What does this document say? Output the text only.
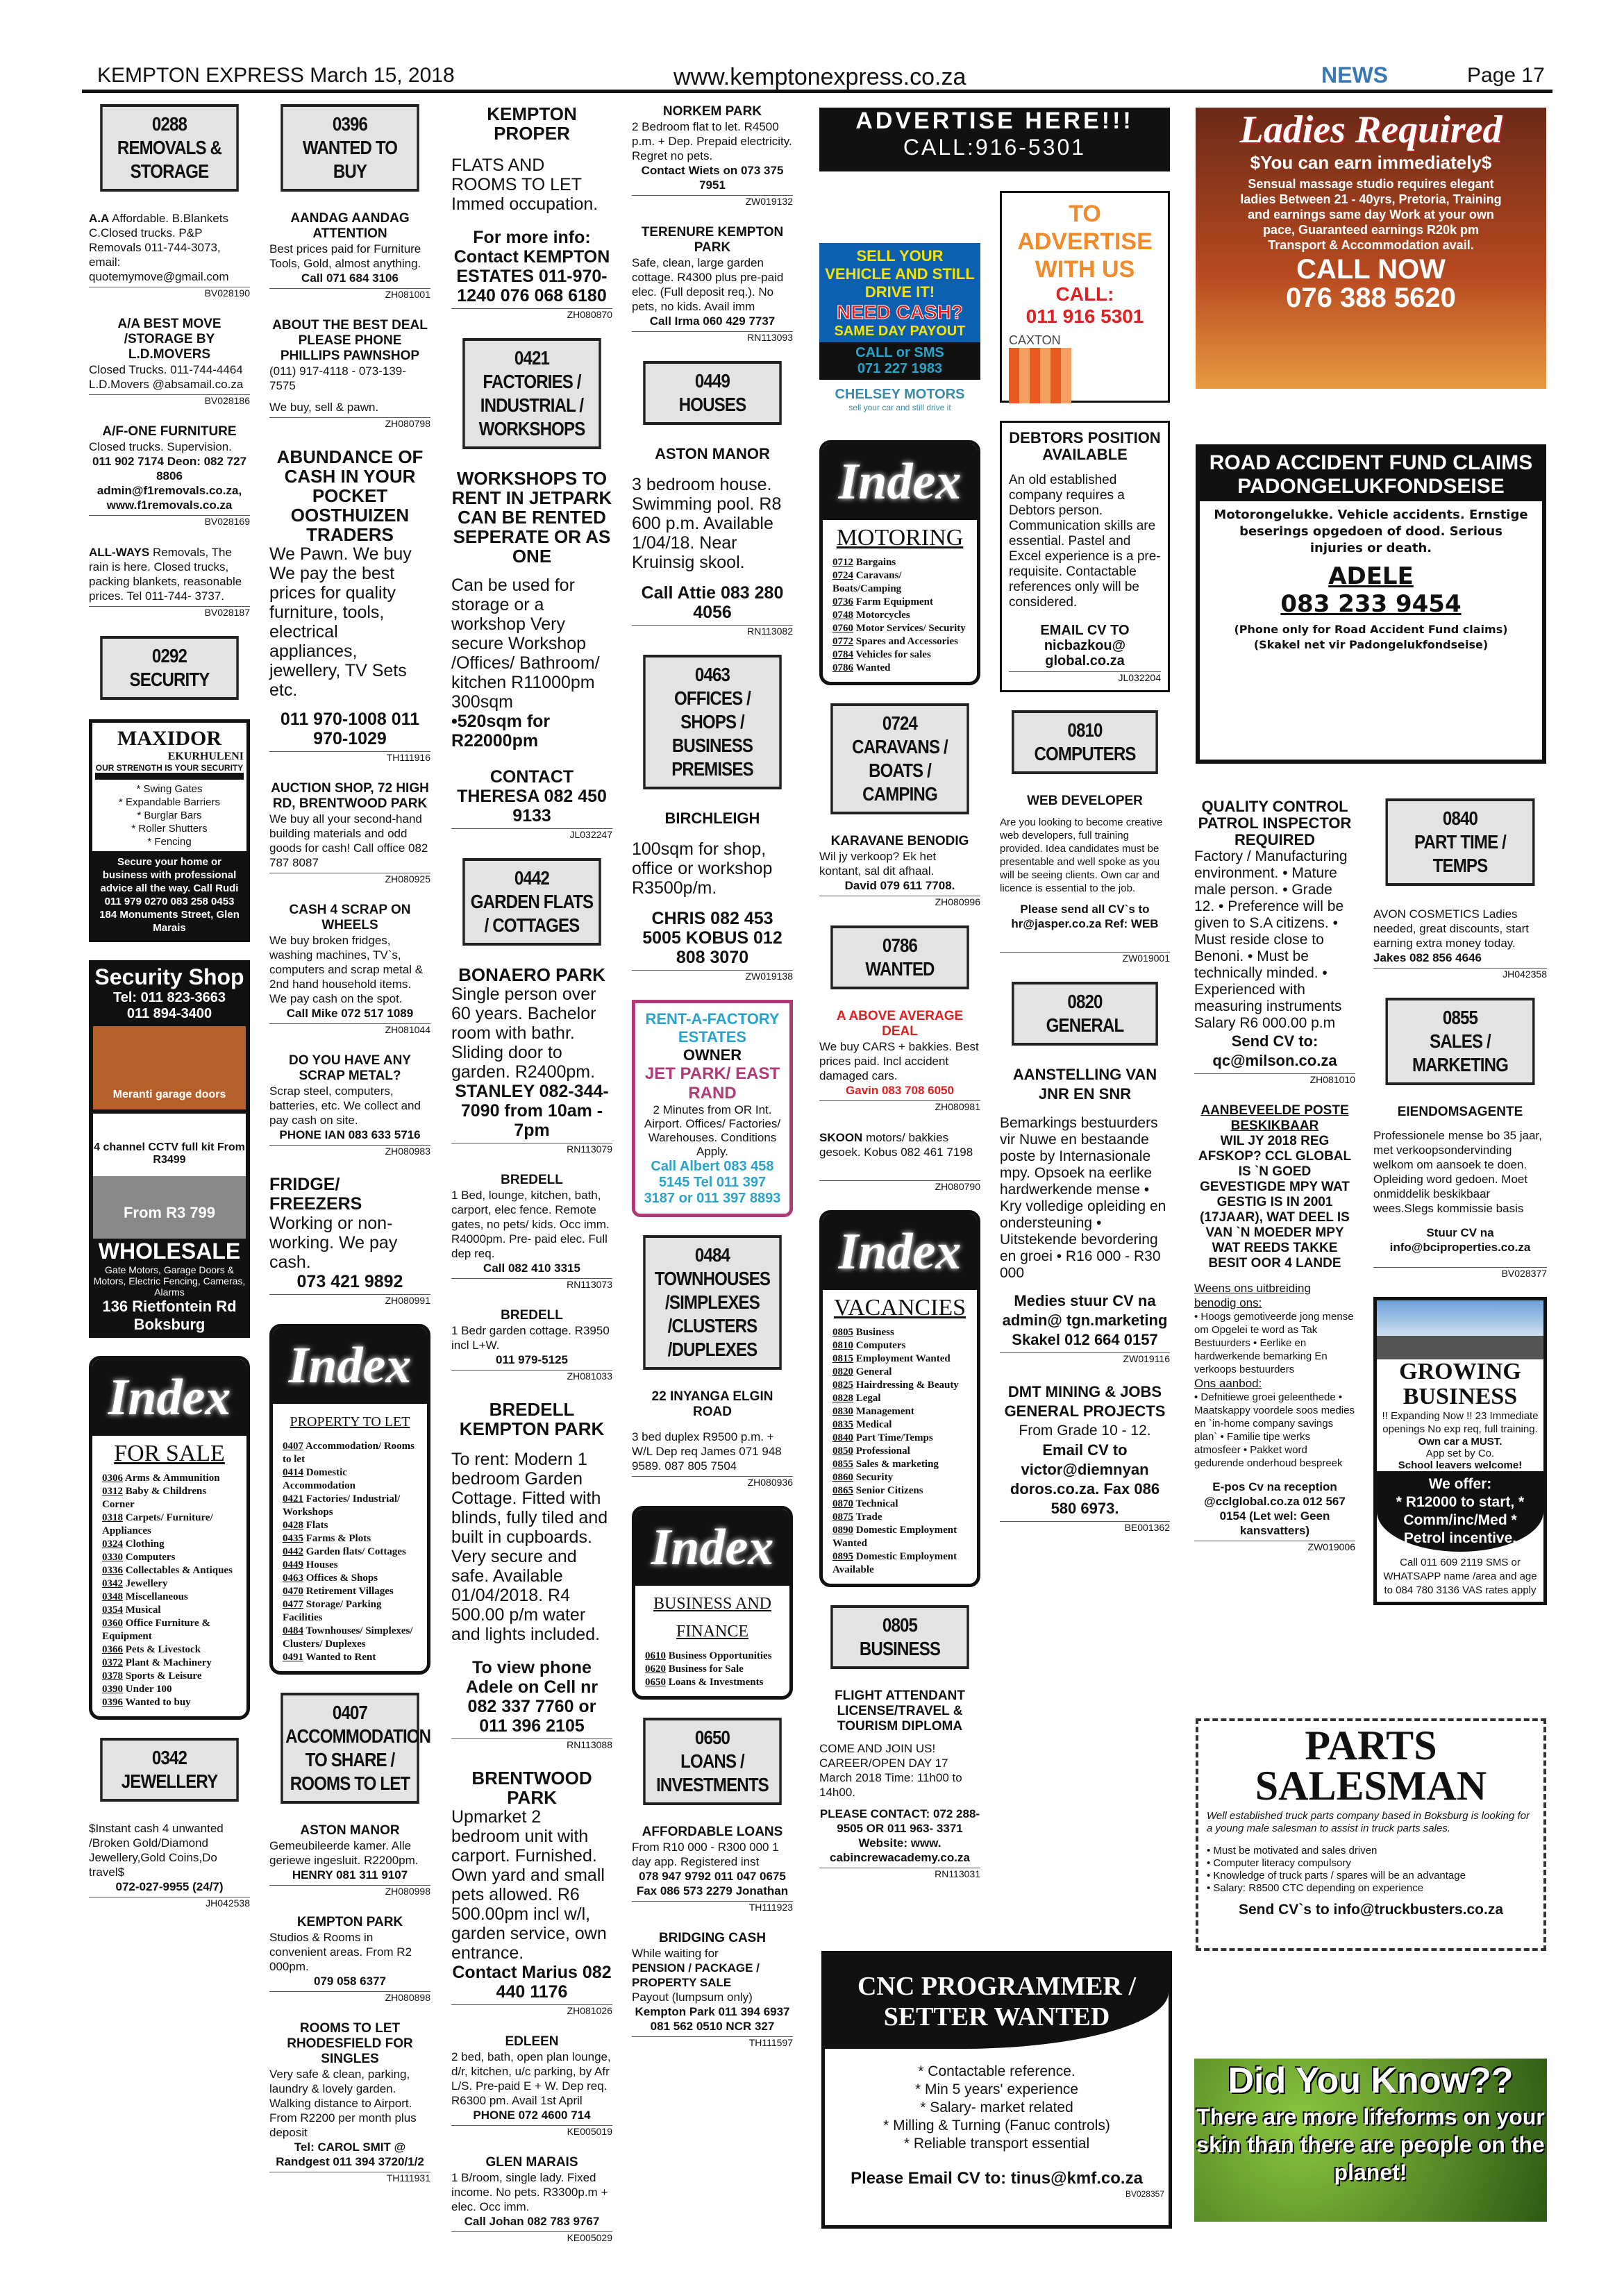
KEMPTON EXPRESS March 15, 2018	www.kemptonexpress.co.za	NEWS	Page 17
0288
REMOVALS & STORAGE
A.A Affordable. B.Blankets C.Closed trucks. P&P Removals 011-744-3073, email: quotemymove@gmail.com
BV028190
A/A BEST MOVE /STORAGE BY L.D.MOVERS
Closed Trucks. 011-744-4464 L.D.Movers @absamail.co.za
BV028186
A/F-ONE FURNITURE
Closed trucks. Supervision.
011 902 7174 Deon: 082 727 8806 admin@f1removals.co.za, www.f1removals.co.za
BV028169
ALL-WAYS Removals, The rain is here. Closed trucks, packing blankets, reasonable prices. Tel 011-744- 3737.
BV028187
0292
SECURITY
MAXIDOR
EKURHULENI
OUR STRENGTH IS YOUR SECURITY
* Swing Gates
* Expandable Barriers
* Burglar Bars
* Roller Shutters
* Fencing
Secure your home or business with professional advice all the way. Call Rudi 011 979 0270 083 258 0453 184 Monuments Street, Glen Marais
Security Shop
Tel: 011 823-3663
011 894-3400
Meranti garage doors
4 channel CCTV full kit From R3499
From R3 799
WHOLESALE
Gate Motors, Garage Doors & Motors, Electric Fencing, Cameras, Alarms
136 Rietfontein Rd Boksburg
Index
FOR SALE
0306 Arms & Ammunition
0312 Baby & Childrens Corner
0318 Carpets/ Furniture/ Appliances
0324 Clothing
0330 Computers
0336 Collectables & Antiques
0342 Jewellery
0348 Miscellaneous
0354 Musical
0360 Office Furniture & Equipment
0366 Pets & Livestock
0372 Plant & Machinery
0378 Sports & Leisure
0390 Under 100
0396 Wanted to buy
0342
JEWELLERY
$Instant cash 4 unwanted /Broken Gold/Diamond Jewellery,Gold Coins,Do travel$
072-027-9955 (24/7)
JH042538
0396
WANTED TO BUY
AANDAG AANDAG ATTENTION
Best prices paid for Furniture Tools, Gold, almost anything.
Call 071 684 3106
ZH081001
ABOUT THE BEST DEAL PLEASE PHONE PHILLIPS PAWNSHOP
(011) 917-4118 - 073-139-7575
We buy, sell & pawn.
ZH080798
ABUNDANCE OF CASH IN YOUR POCKET OOSTHUIZEN TRADERS
We Pawn. We buy We pay the best prices for quality furniture, tools, electrical appliances, jewellery, TV Sets etc.
011 970-1008 011 970-1029
TH111916
AUCTION SHOP, 72 HIGH RD, BRENTWOOD PARK
We buy all your second-hand building materials and odd goods for cash! Call office 082 787 8087
ZH080925
CASH 4 SCRAP ON WHEELS
We buy broken fridges, washing machines, TV`s, computers and scrap metal & 2nd hand household items. We pay cash on the spot.
Call Mike 072 517 1089
ZH081044
DO YOU HAVE ANY SCRAP METAL?
Scrap steel, computers, batteries, etc. We collect and pay cash on site.
PHONE IAN 083 633 5716
ZH080983
FRIDGE/ FREEZERS
Working or non-working. We pay cash.
073 421 9892
ZH080991
Index
PROPERTY TO LET
0407 Accommodation/ Rooms to let
0414 Domestic Accommodation
0421 Factories/ Industrial/ Workshops
0428 Flats
0435 Farms & Plots
0442 Garden flats/ Cottages
0449 Houses
0463 Offices & Shops
0470 Retirement Villages
0477 Storage/ Parking Facilities
0484 Townhouses/ Simplexes/ Clusters/ Duplexes
0491 Wanted to Rent
0407
ACCOMMODATION TO SHARE / ROOMS TO LET
ASTON MANOR
Gemeubileerde kamer. Alle geriewe ingesluit. R2200pm.
HENRY 081 311 9107
ZH080998
KEMPTON PARK
Studios & Rooms in convenient areas. From R2 000pm.
079 058 6377
ZH080898
ROOMS TO LET RHODESFIELD FOR SINGLES
Very safe & clean, parking, laundry & lovely garden. Walking distance to Airport. From R2200 per month plus deposit
Tel: CAROL SMIT @ Randgest 011 394 3720/1/2
TH111931
KEMPTON PROPER
FLATS AND ROOMS TO LET Immed occupation.
For more info: Contact KEMPTON ESTATES 011-970-1240 076 068 6180
ZH080870
0421
FACTORIES / INDUSTRIAL / WORKSHOPS
WORKSHOPS TO RENT IN JETPARK CAN BE RENTED SEPERATE OR AS ONE
Can be used for storage or a workshop Very secure Workshop /Offices/ Bathroom/ kitchen R11000pm 300sqm
•520sqm for R22000pm
CONTACT THERESA 082 450 9133
JL032247
0442
GARDEN FLATS / COTTAGES
BONAERO PARK
Single person over 60 years. Bachelor room with bathr. Sliding door to garden. R2400pm.
STANLEY 082-344-7090 from 10am - 7pm
RN113079
BREDELL
1 Bed, lounge, kitchen, bath, carport, elec fence. Remote gates, no pets/ kids. Occ imm. R4000pm. Pre- paid elec. Full dep req.
Call 082 410 3315
RN113073
BREDELL
1 Bedr garden cottage. R3950 incl L+W.
011 979-5125
ZH081033
BREDELL KEMPTON PARK
To rent: Modern 1 bedroom Garden Cottage. Fitted with blinds, fully tiled and built in cupboards. Very secure and safe. Available 01/04/2018. R4 500.00 p/m water and lights included.
To view phone Adele on Cell nr 082 337 7760 or 011 396 2105
RN113088
BRENTWOOD PARK
Upmarket 2 bedroom unit with carport. Furnished. Own yard and small pets allowed. R6 500.00pm incl w/l, garden service, own entrance.
Contact Marius 082 440 1176
ZH081026
EDLEEN
2 bed, bath, open plan lounge, d/r, kitchen, u/c parking, by Afr L/S. Pre-paid E + W. Dep req. R6300 pm. Avail 1st April
PHONE 072 4600 714
KE005019
GLEN MARAIS
1 B/room, single lady. Fixed income. No pets. R3300p.m + elec. Occ imm.
Call Johan 082 783 9767
KE005029
NORKEM PARK
2 Bedroom flat to let. R4500 p.m. + Dep. Prepaid electricity. Regret no pets.
Contact Wiets on 073 375 7951
ZW019132
TERENURE KEMPTON PARK
Safe, clean, large garden cottage. R4300 plus pre-paid elec. (Full deposit req.). No pets, no kids. Avail imm
Call Irma 060 429 7737
RN113093
0449
HOUSES
ASTON MANOR
3 bedroom house. Swimming pool. R8 600 p.m. Available 1/04/18. Near Kruinsig skool.
Call Attie 083 280 4056
RN113082
0463
OFFICES / SHOPS / BUSINESS PREMISES
BIRCHLEIGH
100sqm for shop, office or workshop R3500p/m.
CHRIS 082 453 5005 KOBUS 012 808 3070
ZW019138
RENT-A-FACTORY ESTATES
OWNER
JET PARK/ EAST RAND
2 Minutes from OR Int. Airport. Offices/ Factories/ Warehouses. Conditions Apply.
Call Albert 083 458 5145 Tel 011 397 3187 or 011 397 8893
0484
TOWNHOUSES /SIMPLEXES /CLUSTERS /DUPLEXES
22 INYANGA ELGIN ROAD
3 bed duplex R9500 p.m. + W/L Dep req James 071 948 9589. 087 805 7504
ZH080936
Index
BUSINESS AND FINANCE
0610 Business Opportunities
0620 Business for Sale
0650 Loans & Investments
0650
LOANS / INVESTMENTS
AFFORDABLE LOANS
From R10 000 - R300 000 1 day app. Registered inst
078 947 9792 011 047 0675 Fax 086 573 2279 Jonathan
TH111923
BRIDGING CASH
While waiting for
PENSION / PACKAGE / PROPERTY SALE
Payout (lumpsum only)
Kempton Park 011 394 6937 081 562 0510 NCR 327
TH111597
SELL YOUR VEHICLE AND STILL DRIVE IT!
NEED CASH?
SAME DAY PAYOUT
CALL or SMS
071 227 1983
CHELSEY MOTORS
sell your car and still drive it
Index
MOTORING
0712 Bargains
0724 Caravans/ Boats/Camping
0736 Farm Equipment
0748 Motorcycles
0760 Motor Services/ Security
0772 Spares and Accessories
0784 Vehicles for sales
0786 Wanted
0724
CARAVANS / BOATS / CAMPING
KARAVANE BENODIG
Wil jy verkoop? Ek het kontant, sal dit afhaal.
David 079 611 7708.
ZH080996
0786
WANTED
A ABOVE AVERAGE DEAL
We buy CARS + bakkies. Best prices paid. Incl accident damaged cars.
Gavin 083 708 6050
ZH080981
SKOON motors/ bakkies gesoek. Kobus 082 461 7198
ZH080790
Index
VACANCIES
0805 Business
0810 Computers
0815 Employment Wanted
0820 General
0825 Hairdressing & Beauty
0828 Legal
0830 Management
0835 Medical
0840 Part Time/Temps
0850 Professional
0855 Sales & marketing
0860 Security
0865 Senior Citizens
0870 Technical
0875 Trade
0890 Domestic Employment Wanted
0895 Domestic Employment Available
0805
BUSINESS
FLIGHT ATTENDANT LICENSE/TRAVEL & TOURISM DIPLOMA
COME AND JOIN US! CAREER/OPEN DAY 17 March 2018 Time: 11h00 to 14h00.
PLEASE CONTACT: 072 288-9505 OR 011 963- 3371 Website: www. cabincrewacademy.co.za
RN113031
ADVERTISE HERE!!!
CALL:916-5301
TO ADVERTISE WITH US
CALL:
011 916 5301
CAXTON
DEBTORS POSITION AVAILABLE
An old established company requires a Debtors person. Communication skills are essential. Pastel and Excel experience is a pre-requisite. Contactable references only will be considered.
EMAIL CV TO nicbazkou@ global.co.za
JL032204
0810
COMPUTERS
WEB DEVELOPER
Are you looking to become creative web developers, full training provided. Idea candidates must be presentable and well spoke as you will be seeing clients. Own car and licence is essential to the job.
Please send all CV`s to hr@jasper.co.za Ref: WEB
ZW019001
0820
GENERAL
AANSTELLING VAN JNR EN SNR
Bemarkings bestuurders vir Nuwe en bestaande poste by Internasionale mpy. Opsoek na eerlike hardwerkende mense • Kry volledige opleiding en ondersteuning • Uitstekende bevordering en groei • R16 000 - R30 000
Medies stuur CV na admin@ tgn.marketing Skakel 012 664 0157
ZW019116
DMT MINING & JOBS GENERAL PROJECTS
From Grade 10 - 12.
Email CV to victor@diemnyan doros.co.za. Fax 086 580 6973.
BE001362
CNC PROGRAMMER / SETTER WANTED
* Contactable reference.
* Min 5 years' experience
* Salary- market related
* Milling & Turning (Fanuc controls)
* Reliable transport essential
Please Email CV to: tinus@kmf.co.za
BV028357
Ladies Required
$You can earn immediately$
Sensual massage studio requires elegant ladies Between 21 - 40yrs, Pretoria, Training and earnings same day Work at your own pace, Guaranteed earnings R20k pm Transport & Accommodation avail.
CALL NOW
076 388 5620
ROAD ACCIDENT FUND CLAIMS PADONGELUKFONDSEISE
Motorongelukke. Vehicle accidents. Ernstige beserings opgedoen of dood. Serious injuries or death.
ADELE
083 233 9454
(Phone only for Road Accident Fund claims) (Skakel net vir Padongelukfondseise)
QUALITY CONTROL PATROL INSPECTOR REQUIRED
Factory / Manufacturing environment. • Mature male person. • Grade 12. • Preference will be given to S.A citizens. • Must reside close to Benoni. • Must be technically minded. • Experienced with measuring instruments Salary R6 000.00 p.m
Send CV to: qc@milson.co.za
ZH081010
AANBEVEELDE POSTE BESKIKBAAR
WIL JY 2018 REG AFSKOP? CCL GLOBAL IS `N GOED GEVESTIGDE MPY WAT GESTIG IS IN 2001 (17JAAR), WAT DEEL IS VAN `N MOEDER MPY WAT REEDS TAKKE BESIT OOR 4 LANDE
Weens ons uitbreiding benodig ons:
• Hoogs gemotiveerde jong mense om Opgelei te word as Tak Bestuurders • Eerlike en hardwerkende bemarking En verkoops bestuurders
Ons aanbod:
• Defnitiewe groei geleenthede • Maatskappy voordele soos medies en `in-home company savings plan` • Familie tipe werks atmosfeer • Pakket word gedurende onderhoud bespreek
E-pos Cv na reception @cclglobal.co.za 012 567 0154 (Let wel: Geen kansvatters)
ZW019006
0840
PART TIME / TEMPS
AVON COSMETICS Ladies needed, great discounts, start earning extra money today.
Jakes 082 856 4646
JH042358
0855
SALES / MARKETING
EIENDOMSAGENTE
Professionele mense bo 35 jaar, met verkoopsondervinding welkom om aansoek te doen. Opleiding word gedoen. Moet onmiddelik beskikbaar wees.Slegs kommissie basis
Stuur CV na info@bciproperties.co.za
BV028377
GROWING BUSINESS
!! Expanding Now !! 23 Immediate openings No exp req, full training.
Own car a MUST.
App set by Co.
School leavers welcome!
We offer:
* R12000 to start, * Comm/inc/Med * Petrol incentive.
Call 011 609 2119 SMS or WHATSAPP name /area and age to 084 780 3136 VAS rates apply
PARTS SALESMAN
Well established truck parts company based in Boksburg is looking for a young male salesman to assist in truck parts sales.
• Must be motivated and sales driven
• Computer literacy compulsory
• Knowledge of truck parts / spares will be an advantage
• Salary: R8500 CTC depending on experience
Send CV`s to info@truckbusters.co.za
Did You Know??
There are more lifeforms on your skin than there are people on the planet!
